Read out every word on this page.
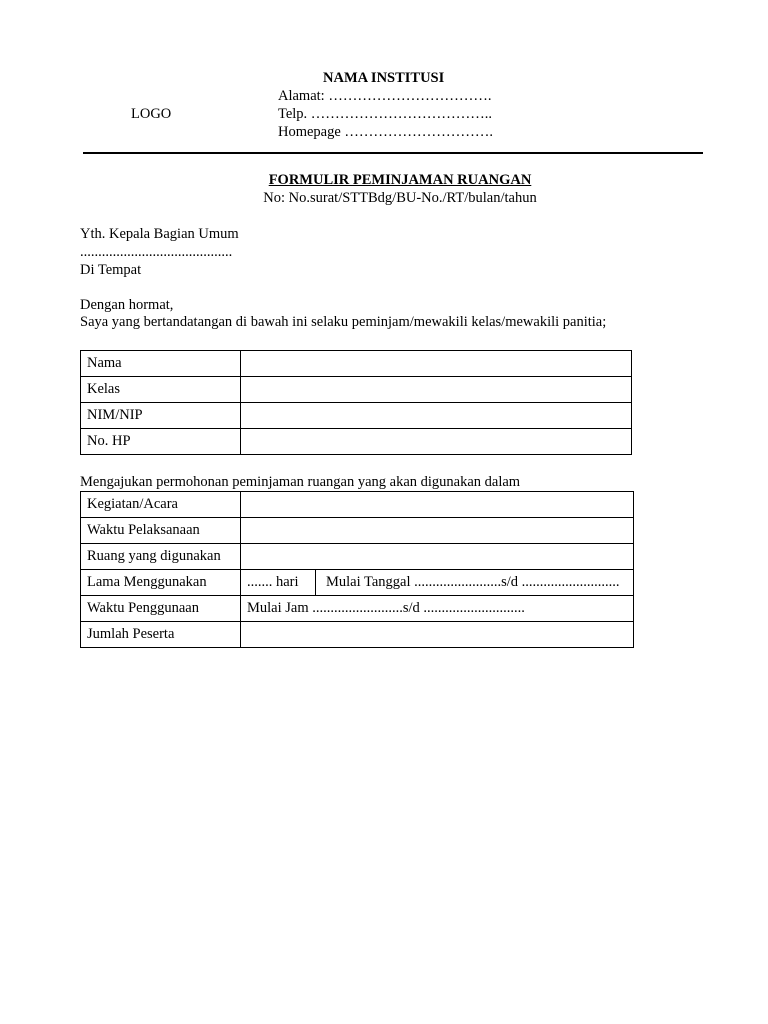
LOGO
NAMA INSTITUSI
Alamat: …………………………….
Telp. ………………………………..
Homepage ………………………….
FORMULIR PEMINJAMAN RUANGAN
No: No.surat/STTBdg/BU-No./RT/bulan/tahun
Yth. Kepala Bagian Umum
..........................................
Di Tempat
Dengan hormat,
Saya yang bertandatangan di bawah ini selaku peminjam/mewakili kelas/mewakili panitia;
Nama	
Kelas	
NIM/NIP	
No. HP	
Mengajukan permohonan peminjaman ruangan yang akan digunakan dalam
Kegiatan/Acara	
Waktu Pelaksanaan	
Ruang yang digunakan	
Lama Menggunakan	....... hari Mulai Tanggal ........................s/d ...........................

Waktu Penggunaan	Mulai Jam .........................s/d ............................
Jumlah Peserta	
